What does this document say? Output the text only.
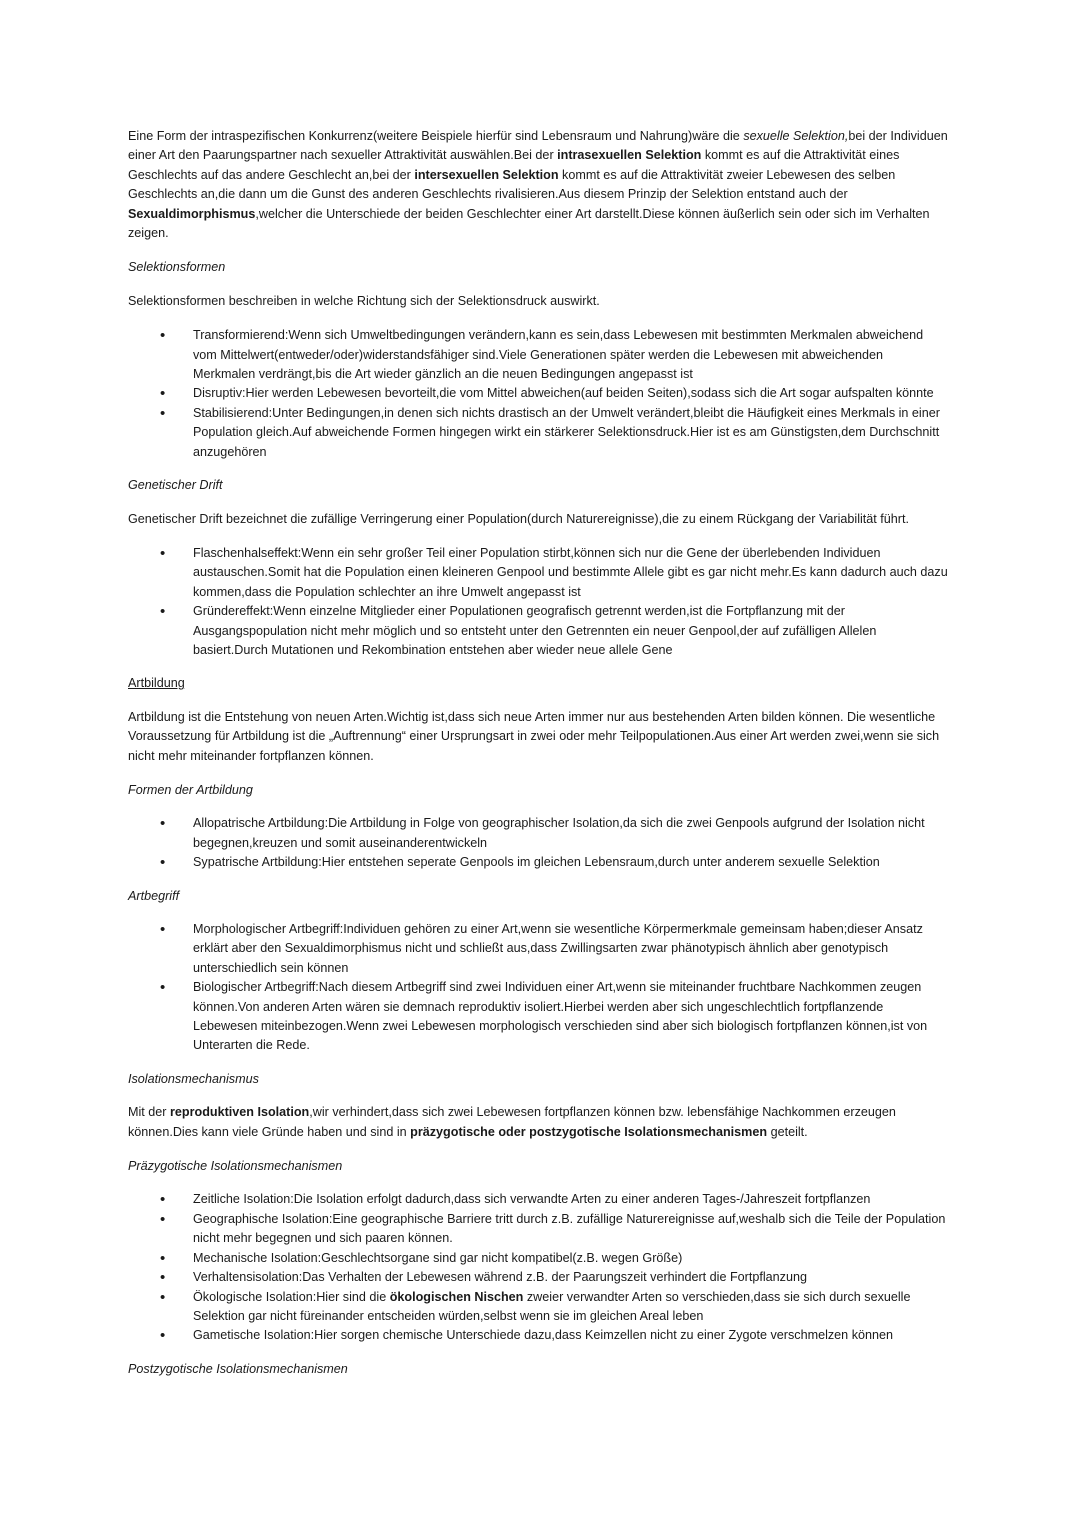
Eine Form der intraspezifischen Konkurrenz(weitere Beispiele hierfür sind Lebensraum und Nahrung)wäre die sexuelle Selektion,bei der Individuen einer Art den Paarungspartner nach sexueller Attraktivität auswählen.Bei der intrasexuellen Selektion kommt es auf die Attraktivität eines Geschlechts auf das andere Geschlecht an,bei der intersexuellen Selektion kommt es auf die Attraktivität zweier Lebewesen des selben Geschlechts an,die dann um die Gunst des anderen Geschlechts rivalisieren.Aus diesem Prinzip der Selektion entstand auch der Sexualdimorphismus,welcher die Unterschiede der beiden Geschlechter einer Art darstellt.Diese können äußerlich sein oder sich im Verhalten zeigen.

Selektionsformen

Selektionsformen beschreiben in welche Richtung sich der Selektionsdruck auswirkt.

• Transformierend:Wenn sich Umweltbedingungen verändern,kann es sein,dass Lebewesen mit bestimmten Merkmalen abweichend vom Mittelwert(entweder/oder)widerstandsfähiger sind.Viele Generationen später werden die Lebewesen mit abweichenden Merkmalen verdrängt,bis die Art wieder gänzlich an die neuen Bedingungen angepasst ist
• Disruptiv:Hier werden Lebewesen bevorteilt,die vom Mittel abweichen(auf beiden Seiten),sodass sich die Art sogar aufspalten könnte
• Stabilisierend:Unter Bedingungen,in denen sich nichts drastisch an der Umwelt verändert,bleibt die Häufigkeit eines Merkmals in einer Population gleich.Auf abweichende Formen hingegen wirkt ein stärkerer Selektionsdruck.Hier ist es am Günstigsten,dem Durchschnitt anzugehören

Genetischer Drift

Genetischer Drift bezeichnet die zufällige Verringerung einer Population(durch Naturereignisse),die zu einem Rückgang der Variabilität führt.

• Flaschenhalseffekt:Wenn ein sehr großer Teil einer Population stirbt,können sich nur die Gene der überlebenden Individuen austauschen.Somit hat die Population einen kleineren Genpool und bestimmte Allele gibt es gar nicht mehr.Es kann dadurch auch dazu kommen,dass die Population schlechter an ihre Umwelt angepasst ist
• Gründereffekt:Wenn einzelne Mitglieder einer Populationen geografisch getrennt werden,ist die Fortpflanzung mit der Ausgangspopulation nicht mehr möglich und so entsteht unter den Getrennten ein neuer Genpool,der auf zufälligen Allelen basiert.Durch Mutationen und Rekombination entstehen aber wieder neue allele Gene

Artbildung

Artbildung ist die Entstehung von neuen Arten.Wichtig ist,dass sich neue Arten immer nur aus bestehenden Arten bilden können. Die wesentliche Voraussetzung für Artbildung ist die „Auftrennung“ einer Ursprungsart in zwei oder mehr Teilpopulationen.Aus einer Art werden zwei,wenn sie sich nicht mehr miteinander fortpflanzen können.

Formen der Artbildung

• Allopatrische Artbildung:Die Artbildung in Folge von geographischer Isolation,da sich die zwei Genpools aufgrund der Isolation nicht begegnen,kreuzen und somit auseinanderentwickeln
• Sypatrische Artbildung:Hier entstehen seperate Genpools im gleichen Lebensraum,durch unter anderem sexuelle Selektion

Artbegriff

• Morphologischer Artbegriff:Individuen gehören zu einer Art,wenn sie wesentliche Körpermerkmale gemeinsam haben;dieser Ansatz erklärt aber den Sexualdimorphismus nicht und schließt aus,dass Zwillingsarten zwar phänotypisch ähnlich aber genotypisch unterschiedlich sein können
• Biologischer Artbegriff:Nach diesem Artbegriff sind zwei Individuen einer Art,wenn sie miteinander fruchtbare Nachkommen zeugen können.Von anderen Arten wären sie demnach reproduktiv isoliert.Hierbei werden aber sich ungeschlechtlich fortpflanzende Lebewesen miteinbezogen.Wenn zwei Lebewesen morphologisch verschieden sind aber sich biologisch fortpflanzen können,ist von Unterarten die Rede.

Isolationsmechanismus

Mit der reproduktiven Isolation,wir verhindert,dass sich zwei Lebewesen fortpflanzen können bzw. lebensfähige Nachkommen erzeugen können.Dies kann viele Gründe haben und sind in präzygotische oder postzygotische Isolationsmechanismen geteilt.

Präzygotische Isolationsmechanismen

• Zeitliche Isolation:Die Isolation erfolgt dadurch,dass sich verwandte Arten zu einer anderen Tages-/Jahreszeit fortpflanzen
• Geographische Isolation:Eine geographische Barriere tritt durch z.B. zufällige Naturereignisse auf,weshalb sich die Teile der Population nicht mehr begegnen und sich paaren können.
• Mechanische Isolation:Geschlechtsorgane sind gar nicht kompatibel(z.B. wegen Größe)
• Verhaltensisolation:Das Verhalten der Lebewesen während z.B. der Paarungszeit verhindert die Fortpflanzung
• Ökologische Isolation:Hier sind die ökologischen Nischen zweier verwandter Arten so verschieden,dass sie sich durch sexuelle Selektion gar nicht füreinander entscheiden würden,selbst wenn sie im gleichen Areal leben
• Gametische Isolation:Hier sorgen chemische Unterschiede dazu,dass Keimzellen nicht zu einer Zygote verschmelzen können

Postzygotische Isolationsmechanismen
